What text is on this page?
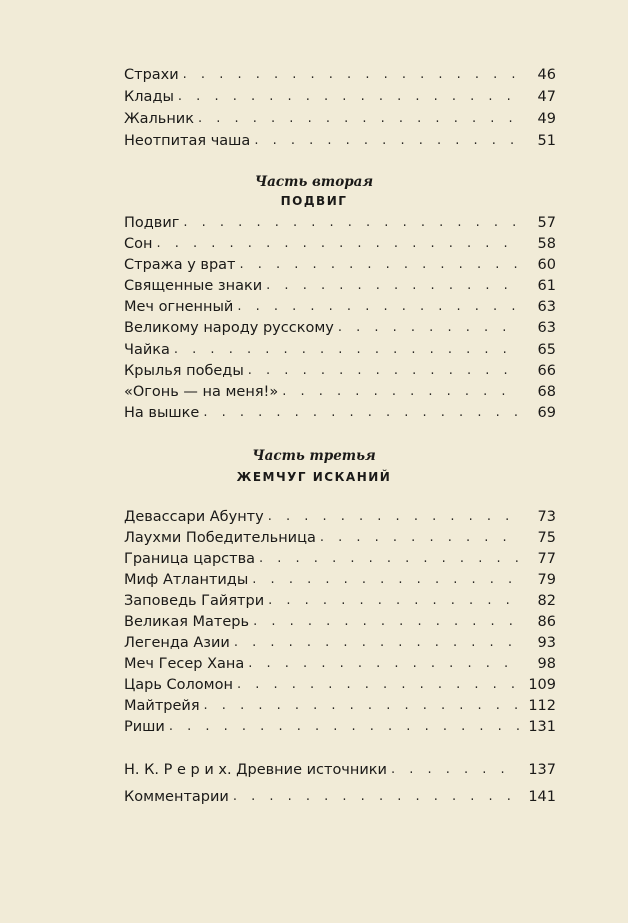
Страхи . . .	46
Клады . . .	47
Жальник . . .	49
Неотпитая чаша . . .	51
Часть вторая
ПОДВИГ
Подвиг . . .	57
Сон . . .	58
Стража у врат . . .	60
Священные знаки . . .	61
Меч огненный . . .	63
Великому народу русскому . . .	63
Чайка . . .	65
Крылья победы . . .	66
«Огонь — на меня!» . . .	68
На вышке . . .	69
Часть третья
ЖЕМЧУГ ИСКАНИЙ
Девассари Абунту . . .	73
Лаухми Победительница . . .	75
Граница царства . . .	77
Миф Атлантиды . . .	79
Заповедь Гайятри . . .	82
Великая Матерь . . .	86
Легенда Азии . . .	93
Меч Гесер Хана . . .	98
Царь Соломон . . .	109
Майтрейя . . .	112
Риши . . .	131
Н. К. Р е р и х. Древние источники . . .	137
Комментарии . . .	141
